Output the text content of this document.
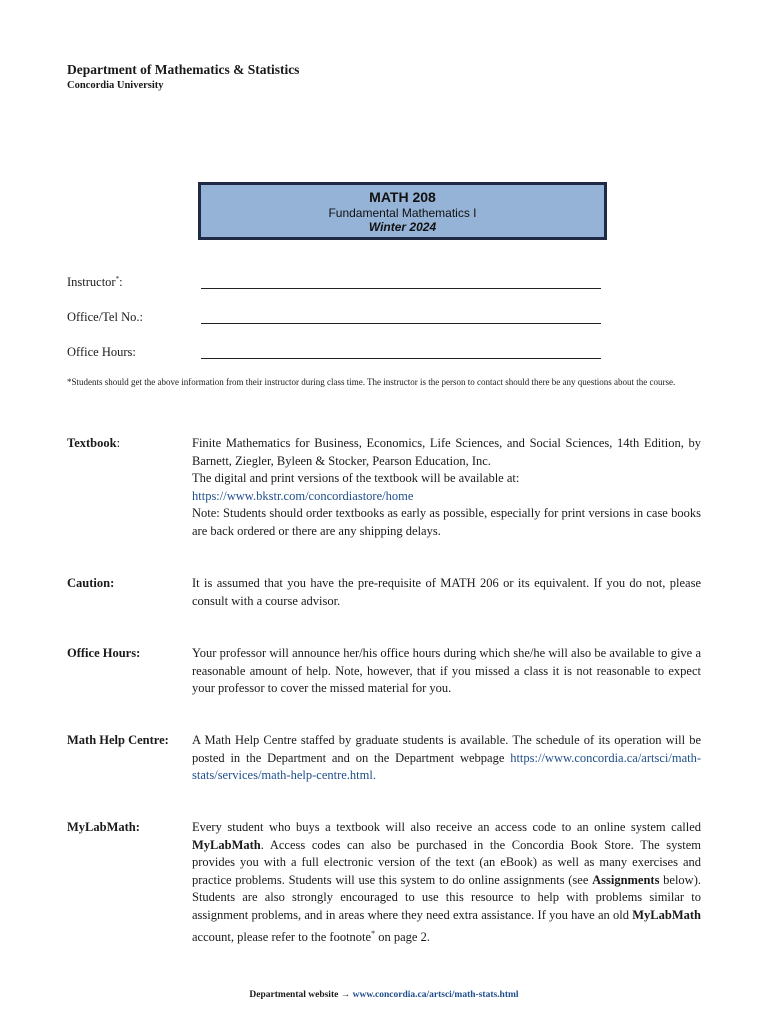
Department of Mathematics & Statistics
Concordia University
MATH 208
Fundamental Mathematics I
Winter 2024
Instructor*:
Office/Tel No.:
Office Hours:
*Students should get the above information from their instructor during class time. The instructor is the person to contact should there be any questions about the course.
Textbook:	Finite Mathematics for Business, Economics, Life Sciences, and Social Sciences, 14th Edition, by Barnett, Ziegler, Byleen & Stocker, Pearson Education, Inc.

The digital and print versions of the textbook will be available at:

https://www.bkstr.com/concordiastore/home

Note: Students should order textbooks as early as possible, especially for print versions in case books are back ordered or there are any shipping delays.

Caution:	It is assumed that you have the pre-requisite of MATH 206 or its equivalent. If you do not, please consult with a course advisor.
Office Hours:	Your professor will announce her/his office hours during which she/he will also be available to give a reasonable amount of help. Note, however, that if you missed a class it is not reasonable to expect your professor to cover the missed material for you.
Math Help Centre: A Math Help Centre staffed by graduate students is available. The schedule of its operation will be posted in the Department and on the Department webpage https://www.concordia.ca/artsci/math-stats/services/math-help-centre.html.

MyLabMath:	Every student who buys a textbook will also receive an access code to an online system called MyLabMath. Access codes can also be purchased in the Concordia Book Store. The system provides you with a full electronic version of the text (an eBook) as well as many exercises and practice problems. Students will use this system to do online assignments (see Assignments below). Students are also strongly encouraged to use this resource to help with problems similar to assignment problems, and in areas where they need extra assistance. If you have an old MyLabMath account, please refer to the footnote* on page 2.

Departmental website → www.concordia.ca/artsci/math-stats.html
